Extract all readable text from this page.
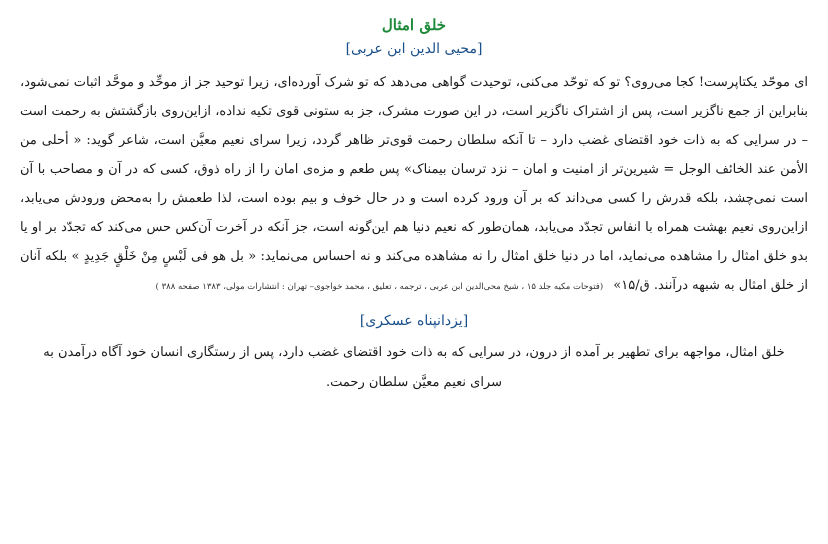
خلق امثال
[محیی الدین ابن عربی]

ای موحّد یکتاپرست! کجا می‌روی؟ تو که توحّد می‌کنی، توحیدت گواهی می‌دهد که تو شرک آورده‌ای، زیرا توحید جز از موحِّد و موحَّد اثبات نمی‌شود، بنابراین از جمع ناگزیر است، پس از اشتراک ناگزیر است، در این صورت مشرک، جز به ستونی قوی تکیه نداده، ازاین‌روی بازگشتش به رحمت است – در سرایی که به ذات خود اقتضای غضب دارد – تا آنکه سلطان رحمت قوی‌تر ظاهر گردد، زیرا سرای نعیم معیَّن است، شاعر گوید: « أحلی من الأمن عند الخائف الوجل = شیرین‌تر از امنیت و امان – نزد ترسان بیمناک» پس طعم و مزه‌ی امان را از راه ذوق، کسی که در آن و مصاحب با آن است نمی‌چشد، بلکه قدرش را کسی می‌داند که بر آن ورود کرده است و در حال خوف و بیم بوده است، لذا طعمش را به‌محض ورودش می‌یابد، ازاین‌روی نعیم بهشت همراه با انفاس تجدّد می‌یابد، همان‌طور که نعیم دنیا هم این‌گونه است، جز آنکه در آخرت آن‌کس حس می‌کند که تجدّد بر او یا بدو خلق امثال را مشاهده می‌نماید، اما در دنیا خلق امثال را نه مشاهده می‌کند و نه احساس می‌نماید: « بل هو فی لَبْسٍ مِنْ خَلْقٍ جَدِیدٍ » بلکه آنان از خلق امثال به شبهه درآنند. ق/۱۵» (فتوحات مکیه جلد ۱۵ ، شیخ محی‌الدین ابن عربی ، ترجمه ، تعلیق ، محمد خواجوی– تهران : انتشارات مولی، ۱۳۸۳ صفحه ۳۸۸ )

[یزدانپناه عسکری]

خلق امثال، مواجهه برای تطهیر بر آمده از درون، در سرایی که به ذات خود اقتضای غضب دارد، پس از رستگاری انسان خود آگاه درآمدن به سرای نعیم معیَّن سلطان رحمت.
